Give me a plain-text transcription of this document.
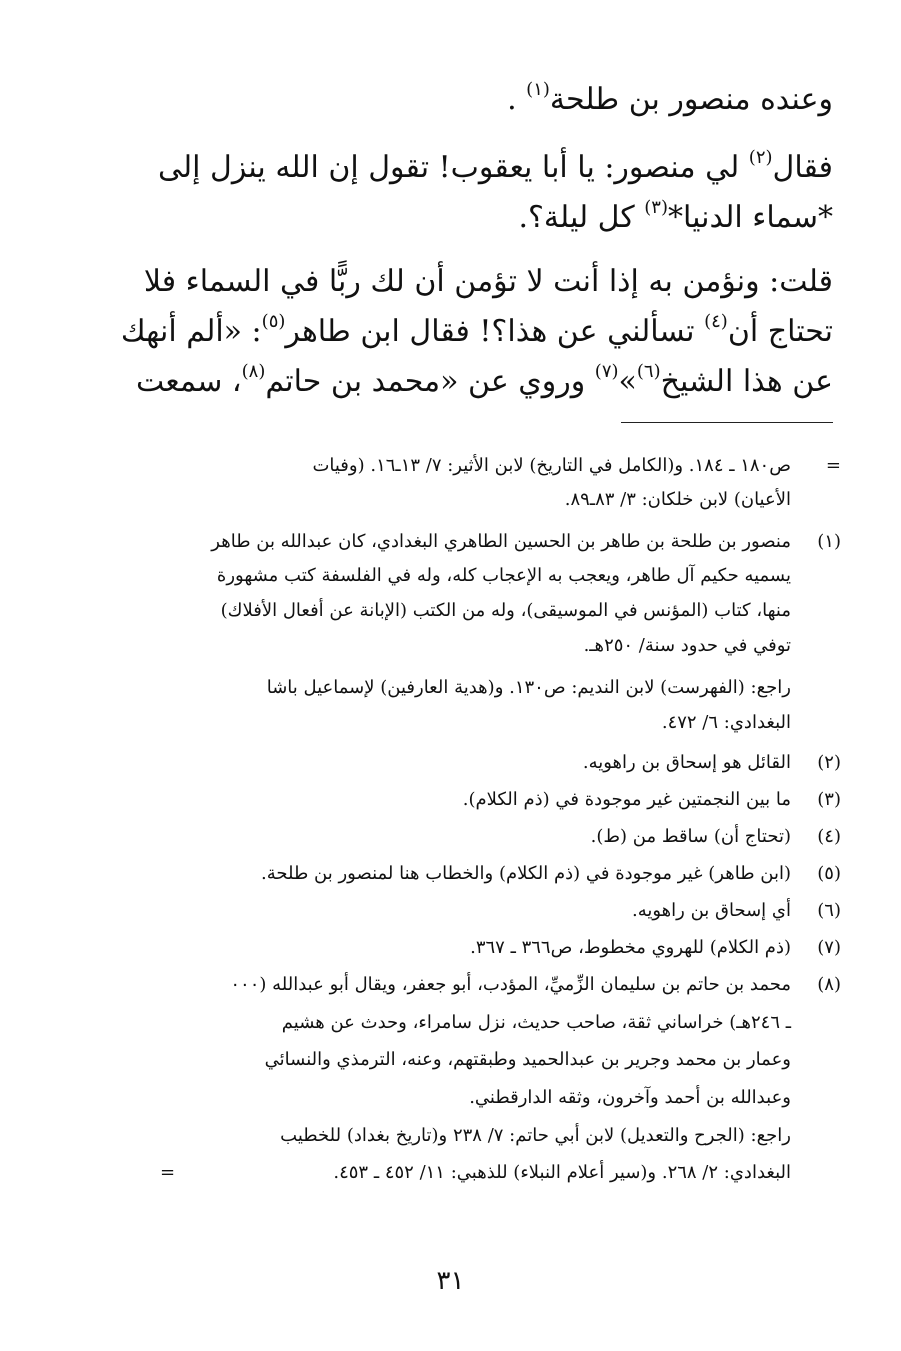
وعنده منصور بن طلحة$^{(١)}$ .
فقال$^{(٢)}$ لي منصور: يا أبا يعقوب! تقول إن الله ينزل إلى
*سماء الدنيا*$^{(٣)}$ كل ليلة؟.
قلت: ونؤمن به إذا أنت لا تؤمن أن لك ربًّا في السماء فلا
تحتاج أن$^{(٤)}$ تسألني عن هذا؟! فقال ابن طاهر$^{(٥)}$: «ألم أنهك
عن هذا الشيخ$^{(٦)}$»$^{(٧)}$ وروي عن «محمد بن حاتم$^{(٨)}$، سمعت
=
ص١٨٠ ـ ١٨٤. و(الكامل في التاريخ) لابن الأثير: ٧/ ١٣ـ١٦. (وفيات
الأعيان) لابن خلكان: ٣/ ٨٣ـ٨٩.
(١)
منصور بن طلحة بن طاهر بن الحسين الطاهري البغدادي، كان عبدالله بن طاهر
يسميه حكيم آل طاهر، ويعجب به الإعجاب كله، وله في الفلسفة كتب مشهورة
منها، كتاب (المؤنس في الموسيقى)، وله من الكتب (الإبانة عن أفعال الأفلاك)
توفي في حدود سنة/ ٢٥٠هـ.
راجع: (الفهرست) لابن النديم: ص١٣٠. و(هدية العارفين) لإسماعيل باشا
البغدادي: ٦/ ٤٧٢.
(٢)
القائل هو إسحاق بن راهويه.
(٣)
ما بين النجمتين غير موجودة في (ذم الكلام).
(٤)
(تحتاج أن) ساقط من (ط).
(٥)
(ابن طاهر) غير موجودة في (ذم الكلام) والخطاب هنا لمنصور بن طلحة.
(٦)
أي إسحاق بن راهويه.
(٧)
(ذم الكلام) للهروي مخطوط، ص٣٦٦ ـ ٣٦٧.
(٨)
محمد بن حاتم بن سليمان الزِّميِّ، المؤدب، أبو جعفر، ويقال أبو عبدالله (٠٠٠
ـ ٢٤٦هـ) خراساني ثقة، صاحب حديث، نزل سامراء، وحدث عن هشيم
وعمار بن محمد وجرير بن عبدالحميد وطبقتهم، وعنه، الترمذي والنسائي
وعبدالله بن أحمد وآخرون، وثقه الدارقطني.
راجع: (الجرح والتعديل) لابن أبي حاتم: ٧/ ٢٣٨ و(تاريخ بغداد) للخطيب
البغدادي: ٢/ ٢٦٨. و(سير أعلام النبلاء) للذهبي: ١١/ ٤٥٢ ـ ٤٥٣.
=
٣١
